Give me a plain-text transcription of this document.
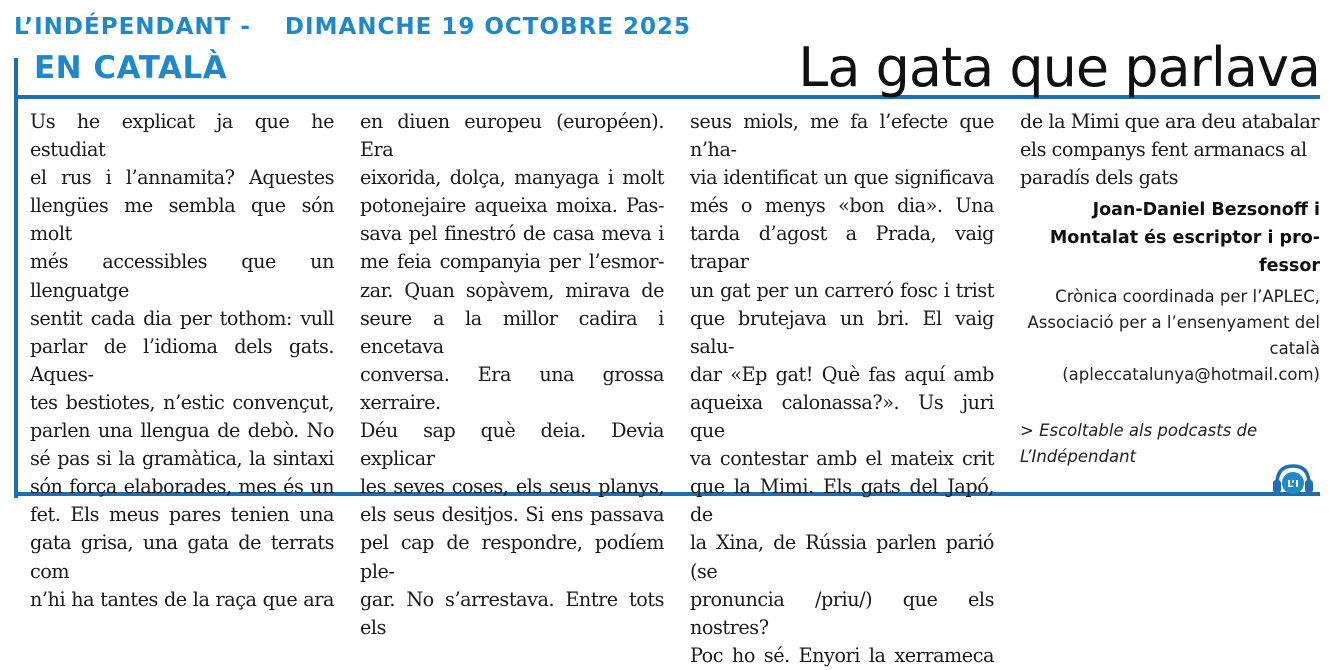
L’INDÉPENDANT - DIMANCHE 19 OCTOBRE 2025
EN CATALÀ	La gata que parlava
Us he explicat ja que he estudiat
el rus i l’annamita? Aquestes
llengües me sembla que són molt
més accessibles que un llenguatge
sentit cada dia per tothom: vull
parlar de l’idioma dels gats. Aques-
tes bestiotes, n’estic convençut,
parlen una llengua de debò. No
sé pas si la gramàtica, la sintaxi
són força elaborades, mes és un
fet. Els meus pares tenien una
gata grisa, una gata de terrats com
n’hi ha tantes de la raça que ara
en diuen europeu (européen). Era
eixorida, dolça, manyaga i molt
potonejaire aqueixa moixa. Pas-
sava pel finestró de casa meva i
me feia companyia per l’esmor-
zar. Quan sopàvem, mirava de
seure a la millor cadira i encetava
conversa. Era una grossa xerraire.
Déu sap què deia. Devia explicar
les seves coses, els seus planys,
els seus desitjos. Si ens passava
pel cap de respondre, podíem ple-
gar. No s’arrestava. Entre tots els
seus miols, me fa l’efecte que n’ha-
via identificat un que significava
més o menys «bon dia». Una
tarda d’agost a Prada, vaig trapar
un gat per un carreró fosc i trist
que brutejava un bri. El vaig salu-
dar «Ep gat! Què fas aquí amb
aqueixa calonassa?». Us juri que
va contestar amb el mateix crit
que la Mimi. Els gats del Japó, de
la Xina, de Rússia parlen parió (se
pronuncia /priu/) que els nostres?
Poc ho sé. Enyori la xerrameca
de la Mimi que ara deu atabalar
els companys fent armanacs al
paradís dels gats
Joan-Daniel Bezsonoff i
Montalat és escriptor i pro-
fessor
Crònica coordinada per l’APLEC,
Associació per a l’ensenyament del
català
(apleccatalunya@hotmail.com)
> Escoltable als podcasts de
L’Indépendant
L’I
